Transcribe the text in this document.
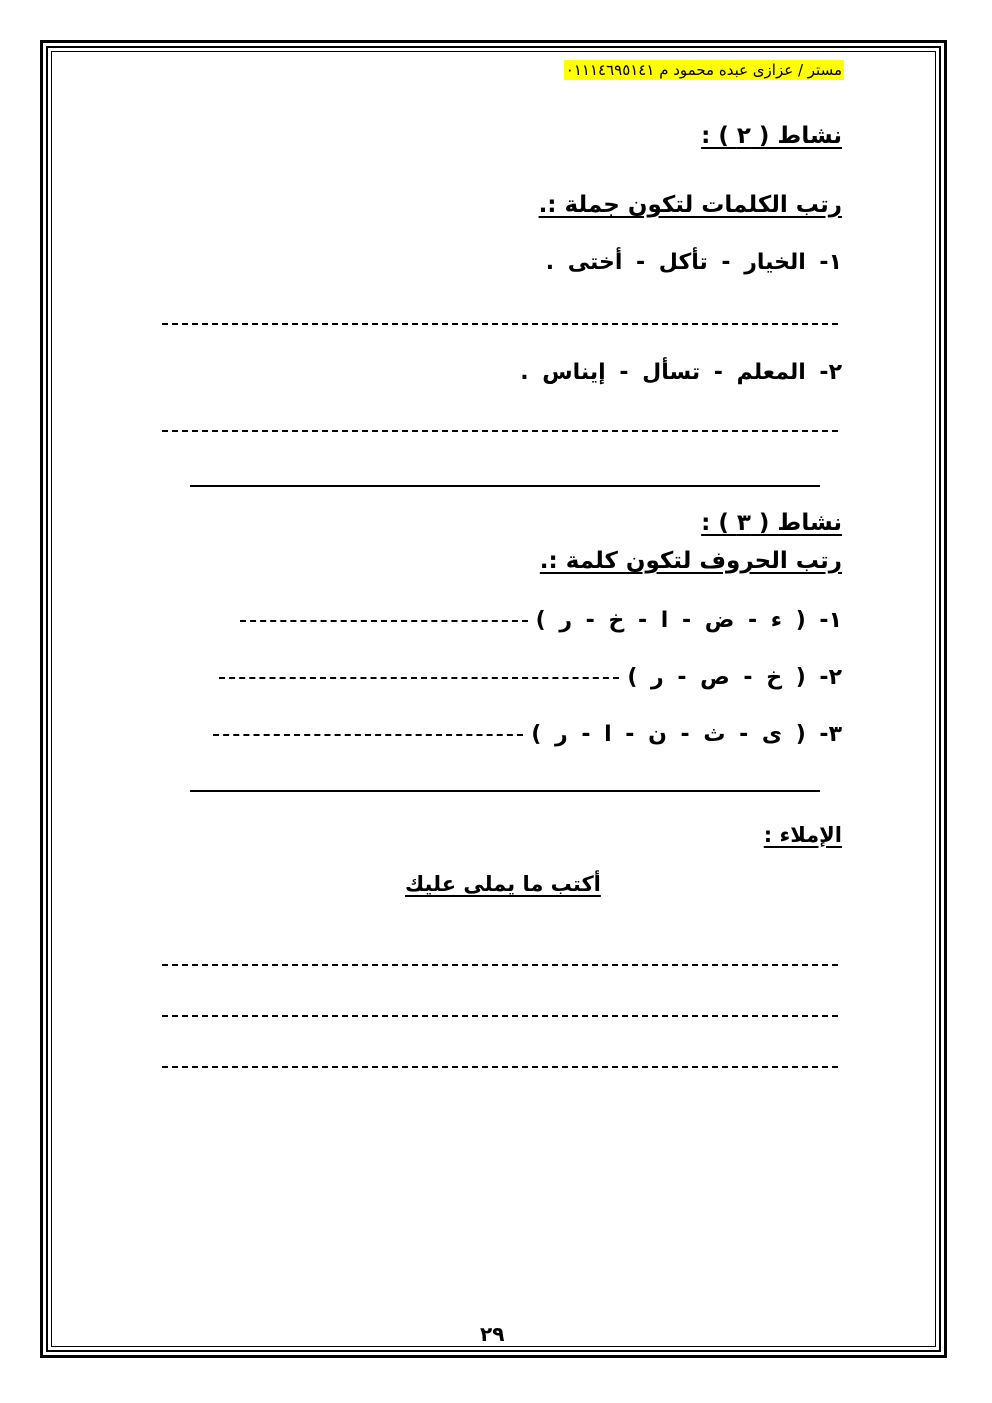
مستر / عزازى عبده محمود م ٠١١١٤٦٩٥١٤١
نشاط ( ٢ ) :
رتب الكلمات لتكون جملة :.
١- الخيار - تأكل - أختى .
٢- المعلم - تسأل - إيناس .
نشاط ( ٣ ) :
رتب الحروف لتكون كلمة :.
١- ( ء - ض - ا - خ - ر )
٢- ( خ - ص - ر )
٣- ( ى - ث - ن - ا - ر )
الإملاء :
أكتب ما يملى عليك
٢٩
